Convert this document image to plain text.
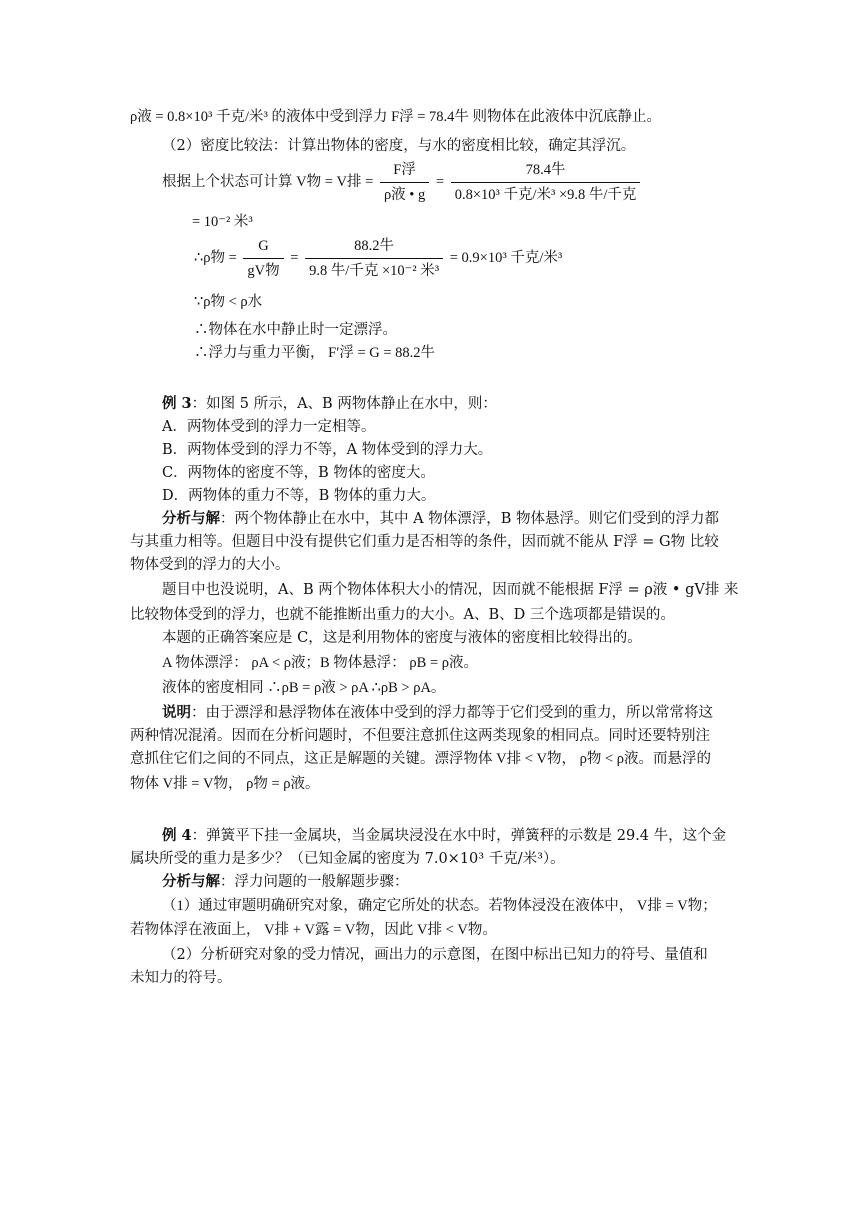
ρ液 = 0.8×10³ 千克/米³ 的液体中受到浮力 F浮 = 78.4牛 则物体在此液体中沉底静止。
（2）密度比较法：计算出物体的密度，与水的密度相比较，确定其浮沉。
根据上个状态可计算 V物 = V排 = $\frac{\text{F浮}}{\text{ρ液 • g}} = \frac{\text{78.4牛}}{\text{0.8×10³ 千克/米³ ×9.8 牛/千克}}$
= 10⁻² 米³
∴ρ物 = $\frac{G}{\text{gV物}} = \frac{\text{88.2牛}}{\text{9.8 牛/千克 ×10⁻² 米³}} = 0.9\times 10^3$ 千克/米³
∵ρ物 < ρ水
∴物体在水中静止时一定漂浮。
∴浮力与重力平衡， F′浮 = G = 88.2牛
例 3：如图 5 所示，A、B 两物体静止在水中，则：
A．两物体受到的浮力一定相等。
B．两物体受到的浮力不等，A 物体受到的浮力大。
C．两物体的密度不等，B 物体的密度大。
D．两物体的重力不等，B 物体的重力大。
分析与解：两个物体静止在水中，其中 A 物体漂浮，B 物体悬浮。则它们受到的浮力都
与其重力相等。但题目中没有提供它们重力是否相等的条件，因而就不能从 F浮 = G物 比较
物体受到的浮力的大小。
题目中也没说明，A、B 两个物体体积大小的情况，因而就不能根据 F浮 = ρ液 • gV排 来
比较物体受到的浮力，也就不能推断出重力的大小。A、B、D 三个选项都是错误的。
本题的正确答案应是 C，这是利用物体的密度与液体的密度相比较得出的。
A 物体漂浮： ρA < ρ液；B 物体悬浮： ρB = ρ液。
液体的密度相同 ∴ρB = ρ液 > ρA ∴ρB > ρA。
说明：由于漂浮和悬浮物体在液体中受到的浮力都等于它们受到的重力，所以常常将这
两种情况混淆。因而在分析问题时，不但要注意抓住这两类现象的相同点。同时还要特别注
意抓住它们之间的不同点，这正是解题的关键。漂浮物体 V排 < V物， ρ物 < ρ液。而悬浮的
物体 V排 = V物， ρ物 = ρ液。
例 4：弹簧平下挂一金属块，当金属块浸没在水中时，弹簧秤的示数是 29.4 牛，这个金
属块所受的重力是多少？（已知金属的密度为 7.0×10³ 千克/米³）。
分析与解：浮力问题的一般解题步骤：
（1）通过审题明确研究对象，确定它所处的状态。若物体浸没在液体中， V排 = V物；
若物体浮在液面上， V排 + V露 = V物，因此 V排 < V物。
（2）分析研究对象的受力情况，画出力的示意图，在图中标出已知力的符号、量值和
未知力的符号。
